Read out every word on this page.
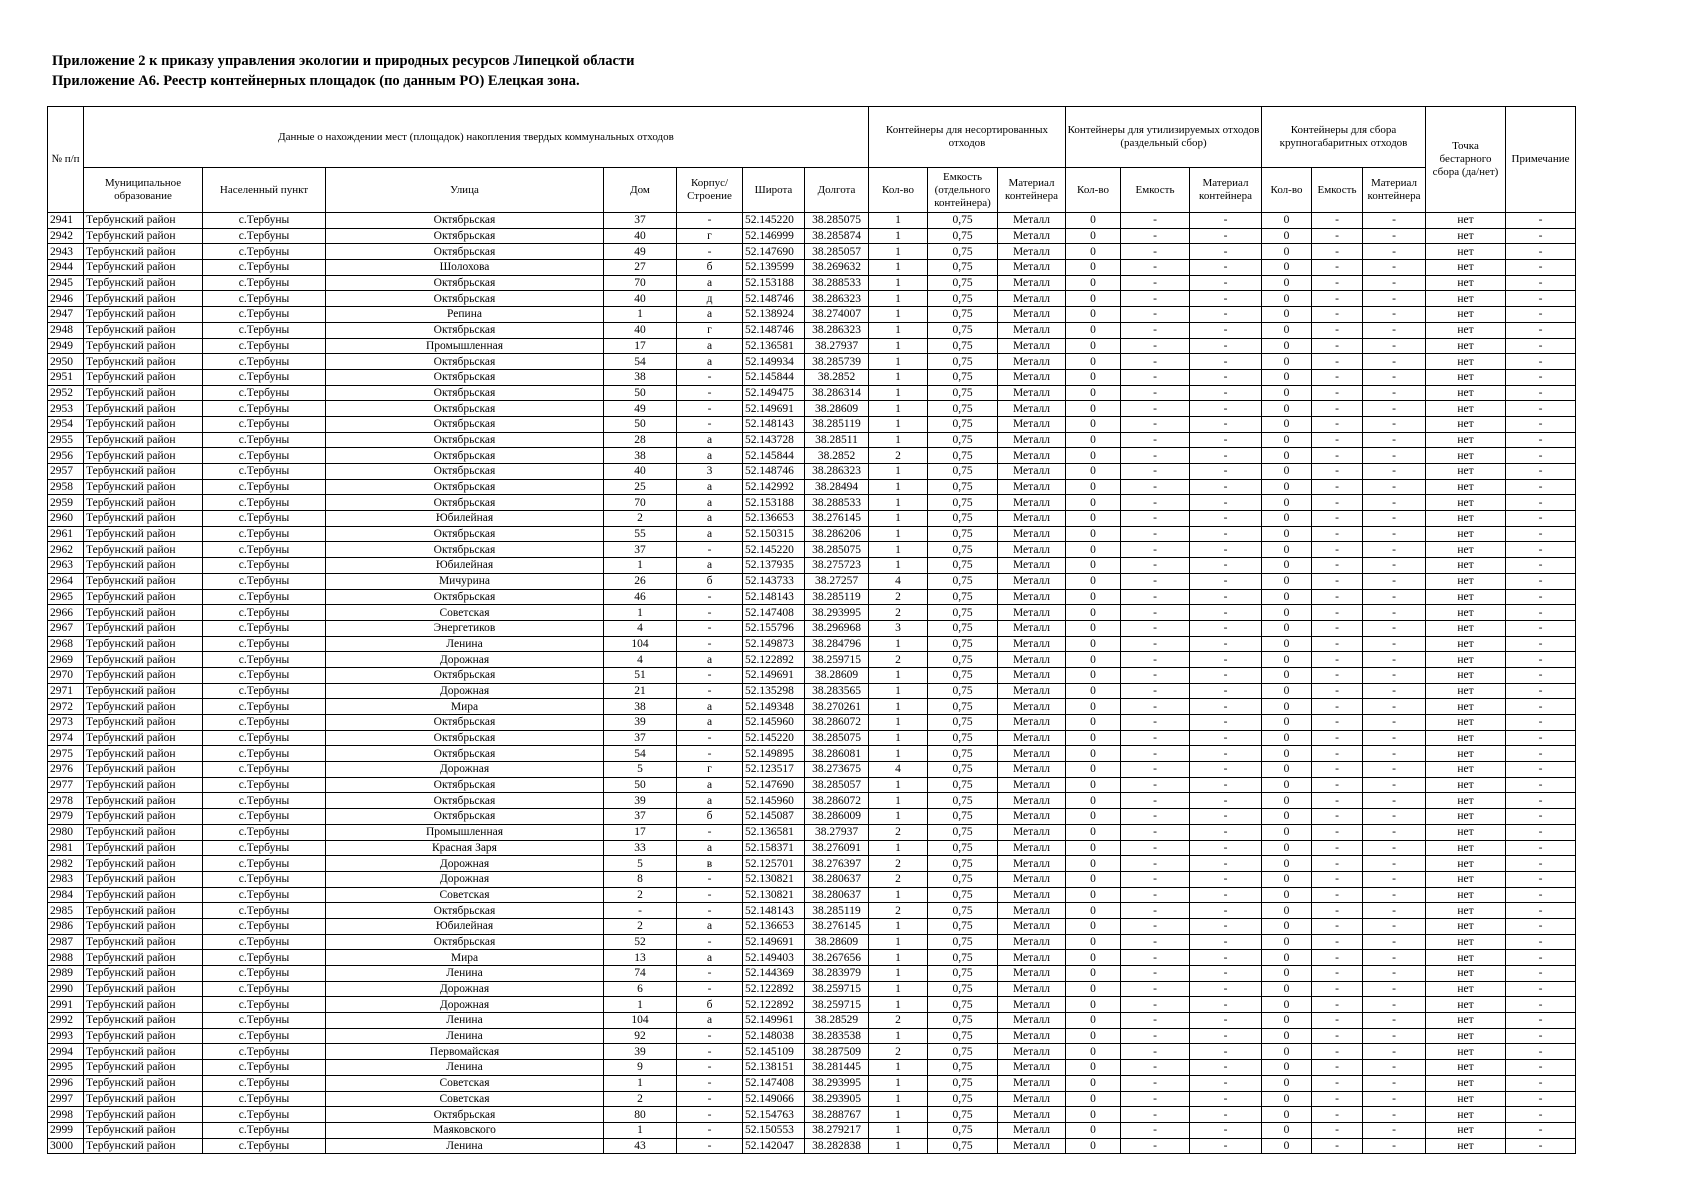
Приложение 2 к приказу управления экологии и природных ресурсов Липецкой области
Приложение А6. Реестр контейнерных площадок (по данным РО) Елецкая зона.
№ п/п	Данные о нахождении мест (площадок) накопления твердых коммунальных отходов							Контейнеры для несортированных отходов			Контейнеры для утилизируемых отходов (раздельный сбор)			Контейнеры для сбора крупногабаритных отходов			Точка бестарного сбора (да/нет)	Примечание
	Муниципальное образование	Населенный пункт	Улица	Дом	Корпус/ Строение	Широта	Долгота	Кол-во	Емкость (отдельного контейнера)	Материал контейнера	Кол-во	Емкость	Материал контейнера	Кол-во	Емкость	Материал контейнера		
2941	Тербунский район	с.Тербуны	Октябрьская	37	-	52.145220	38.285075	1	0,75	Металл	0	-	-	0	-	-	нет	-
2942	Тербунский район	с.Тербуны	Октябрьская	40	г	52.146999	38.285874	1	0,75	Металл	0	-	-	0	-	-	нет	-
2943	Тербунский район	с.Тербуны	Октябрьская	49	-	52.147690	38.285057	1	0,75	Металл	0	-	-	0	-	-	нет	-
2944	Тербунский район	с.Тербуны	Шолохова	27	б	52.139599	38.269632	1	0,75	Металл	0	-	-	0	-	-	нет	-
2945	Тербунский район	с.Тербуны	Октябрьская	70	а	52.153188	38.288533	1	0,75	Металл	0	-	-	0	-	-	нет	-
2946	Тербунский район	с.Тербуны	Октябрьская	40	д	52.148746	38.286323	1	0,75	Металл	0	-	-	0	-	-	нет	-
2947	Тербунский район	с.Тербуны	Репина	1	а	52.138924	38.274007	1	0,75	Металл	0	-	-	0	-	-	нет	-
2948	Тербунский район	с.Тербуны	Октябрьская	40	г	52.148746	38.286323	1	0,75	Металл	0	-	-	0	-	-	нет	-
2949	Тербунский район	с.Тербуны	Промышленная	17	а	52.136581	38.27937	1	0,75	Металл	0	-	-	0	-	-	нет	-
2950	Тербунский район	с.Тербуны	Октябрьская	54	а	52.149934	38.285739	1	0,75	Металл	0	-	-	0	-	-	нет	-
2951	Тербунский район	с.Тербуны	Октябрьская	38	-	52.145844	38.2852	1	0,75	Металл	0	-	-	0	-	-	нет	-
2952	Тербунский район	с.Тербуны	Октябрьская	50	-	52.149475	38.286314	1	0,75	Металл	0	-	-	0	-	-	нет	-
2953	Тербунский район	с.Тербуны	Октябрьская	49	-	52.149691	38.28609	1	0,75	Металл	0	-	-	0	-	-	нет	-
2954	Тербунский район	с.Тербуны	Октябрьская	50	-	52.148143	38.285119	1	0,75	Металл	0	-	-	0	-	-	нет	-
2955	Тербунский район	с.Тербуны	Октябрьская	28	а	52.143728	38.28511	1	0,75	Металл	0	-	-	0	-	-	нет	-
2956	Тербунский район	с.Тербуны	Октябрьская	38	а	52.145844	38.2852	2	0,75	Металл	0	-	-	0	-	-	нет	-
2957	Тербунский район	с.Тербуны	Октябрьская	40	3	52.148746	38.286323	1	0,75	Металл	0	-	-	0	-	-	нет	-
2958	Тербунский район	с.Тербуны	Октябрьская	25	а	52.142992	38.28494	1	0,75	Металл	0	-	-	0	-	-	нет	-
2959	Тербунский район	с.Тербуны	Октябрьская	70	а	52.153188	38.288533	1	0,75	Металл	0	-	-	0	-	-	нет	-
2960	Тербунский район	с.Тербуны	Юбилейная	2	а	52.136653	38.276145	1	0,75	Металл	0	-	-	0	-	-	нет	-
2961	Тербунский район	с.Тербуны	Октябрьская	55	а	52.150315	38.286206	1	0,75	Металл	0	-	-	0	-	-	нет	-
2962	Тербунский район	с.Тербуны	Октябрьская	37	-	52.145220	38.285075	1	0,75	Металл	0	-	-	0	-	-	нет	-
2963	Тербунский район	с.Тербуны	Юбилейная	1	а	52.137935	38.275723	1	0,75	Металл	0	-	-	0	-	-	нет	-
2964	Тербунский район	с.Тербуны	Мичурина	26	б	52.143733	38.27257	4	0,75	Металл	0	-	-	0	-	-	нет	-
2965	Тербунский район	с.Тербуны	Октябрьская	46	-	52.148143	38.285119	2	0,75	Металл	0	-	-	0	-	-	нет	-
2966	Тербунский район	с.Тербуны	Советская	1	-	52.147408	38.293995	2	0,75	Металл	0	-	-	0	-	-	нет	-
2967	Тербунский район	с.Тербуны	Энергетиков	4	-	52.155796	38.296968	3	0,75	Металл	0	-	-	0	-	-	нет	-
2968	Тербунский район	с.Тербуны	Ленина	104	-	52.149873	38.284796	1	0,75	Металл	0	-	-	0	-	-	нет	-
2969	Тербунский район	с.Тербуны	Дорожная	4	а	52.122892	38.259715	2	0,75	Металл	0	-	-	0	-	-	нет	-
2970	Тербунский район	с.Тербуны	Октябрьская	51	-	52.149691	38.28609	1	0,75	Металл	0	-	-	0	-	-	нет	-
2971	Тербунский район	с.Тербуны	Дорожная	21	-	52.135298	38.283565	1	0,75	Металл	0	-	-	0	-	-	нет	-
2972	Тербунский район	с.Тербуны	Мира	38	а	52.149348	38.270261	1	0,75	Металл	0	-	-	0	-	-	нет	-
2973	Тербунский район	с.Тербуны	Октябрьская	39	а	52.145960	38.286072	1	0,75	Металл	0	-	-	0	-	-	нет	-
2974	Тербунский район	с.Тербуны	Октябрьская	37	-	52.145220	38.285075	1	0,75	Металл	0	-	-	0	-	-	нет	-
2975	Тербунский район	с.Тербуны	Октябрьская	54	-	52.149895	38.286081	1	0,75	Металл	0	-	-	0	-	-	нет	-
2976	Тербунский район	с.Тербуны	Дорожная	5	г	52.123517	38.273675	4	0,75	Металл	0	-	-	0	-	-	нет	-
2977	Тербунский район	с.Тербуны	Октябрьская	50	а	52.147690	38.285057	1	0,75	Металл	0	-	-	0	-	-	нет	-
2978	Тербунский район	с.Тербуны	Октябрьская	39	а	52.145960	38.286072	1	0,75	Металл	0	-	-	0	-	-	нет	-
2979	Тербунский район	с.Тербуны	Октябрьская	37	б	52.145087	38.286009	1	0,75	Металл	0	-	-	0	-	-	нет	-
2980	Тербунский район	с.Тербуны	Промышленная	17	-	52.136581	38.27937	2	0,75	Металл	0	-	-	0	-	-	нет	-
2981	Тербунский район	с.Тербуны	Красная Заря	33	а	52.158371	38.276091	1	0,75	Металл	0	-	-	0	-	-	нет	-
2982	Тербунский район	с.Тербуны	Дорожная	5	в	52.125701	38.276397	2	0,75	Металл	0	-	-	0	-	-	нет	-
2983	Тербунский район	с.Тербуны	Дорожная	8	-	52.130821	38.280637	2	0,75	Металл	0	-	-	0	-	-	нет	-
2984	Тербунский район	с.Тербуны	Советская	2	-	52.130821	38.280637	1	0,75	Металл	0	-	-	0	-	-	нет	-
2985	Тербунский район	с.Тербуны	Октябрьская	-	-	52.148143	38.285119	2	0,75	Металл	0	-	-	0	-	-	нет	-
2986	Тербунский район	с.Тербуны	Юбилейная	2	а	52.136653	38.276145	1	0,75	Металл	0	-	-	0	-	-	нет	-
2987	Тербунский район	с.Тербуны	Октябрьская	52	-	52.149691	38.28609	1	0,75	Металл	0	-	-	0	-	-	нет	-
2988	Тербунский район	с.Тербуны	Мира	13	а	52.149403	38.267656	1	0,75	Металл	0	-	-	0	-	-	нет	-
2989	Тербунский район	с.Тербуны	Ленина	74	-	52.144369	38.283979	1	0,75	Металл	0	-	-	0	-	-	нет	-
2990	Тербунский район	с.Тербуны	Дорожная	6	-	52.122892	38.259715	1	0,75	Металл	0	-	-	0	-	-	нет	-
2991	Тербунский район	с.Тербуны	Дорожная	1	б	52.122892	38.259715	1	0,75	Металл	0	-	-	0	-	-	нет	-
2992	Тербунский район	с.Тербуны	Ленина	104	а	52.149961	38.28529	2	0,75	Металл	0	-	-	0	-	-	нет	-
2993	Тербунский район	с.Тербуны	Ленина	92	-	52.148038	38.283538	1	0,75	Металл	0	-	-	0	-	-	нет	-
2994	Тербунский район	с.Тербуны	Первомайская	39	-	52.145109	38.287509	2	0,75	Металл	0	-	-	0	-	-	нет	-
2995	Тербунский район	с.Тербуны	Ленина	9	-	52.138151	38.281445	1	0,75	Металл	0	-	-	0	-	-	нет	-
2996	Тербунский район	с.Тербуны	Советская	1	-	52.147408	38.293995	1	0,75	Металл	0	-	-	0	-	-	нет	-
2997	Тербунский район	с.Тербуны	Советская	2	-	52.149066	38.293905	1	0,75	Металл	0	-	-	0	-	-	нет	-
2998	Тербунский район	с.Тербуны	Октябрьская	80	-	52.154763	38.288767	1	0,75	Металл	0	-	-	0	-	-	нет	-
2999	Тербунский район	с.Тербуны	Маяковского	1	-	52.150553	38.279217	1	0,75	Металл	0	-	-	0	-	-	нет	-
3000	Тербунский район	с.Тербуны	Ленина	43	-	52.142047	38.282838	1	0,75	Металл	0	-	-	0	-	-	нет	-
